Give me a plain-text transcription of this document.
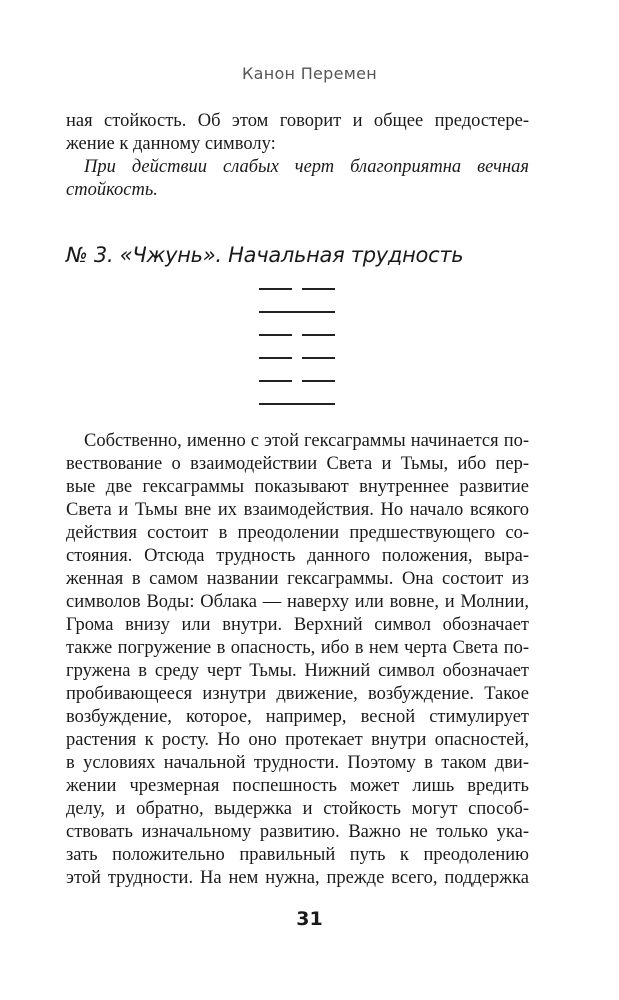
Канон Перемен
ная стойкость. Об этом говорит и общее предостере-
жение к данному символу:
При действии слабых черт благоприятна вечная
стойкость.
№ 3. «Чжунь». Начальная трудность
Собственно, именно с этой гексаграммы начинается по-
вествование о взаимодействии Света и Тьмы, ибо пер-
вые две гексаграммы показывают внутреннее развитие
Света и Тьмы вне их взаимодействия. Но начало всякого
действия состоит в преодолении предшествующего со-
стояния. Отсюда трудность данного положения, выра-
женная в самом названии гексаграммы. Она состоит из
символов Воды: Облака — наверху или вовне, и Молнии,
Грома внизу или внутри. Верхний символ обозначает
также погружение в опасность, ибо в нем черта Света по-
гружена в среду черт Тьмы. Нижний символ обозначает
пробивающееся изнутри движение, возбуждение. Такое
возбуждение, которое, например, весной стимулирует
растения к росту. Но оно протекает внутри опасностей,
в условиях начальной трудности. Поэтому в таком дви-
жении чрезмерная поспешность может лишь вредить
делу, и обратно, выдержка и стойкость могут способ-
ствовать изначальному развитию. Важно не только ука-
зать положительно правильный путь к преодолению
этой трудности. На нем нужна, прежде всего, поддержка
31
